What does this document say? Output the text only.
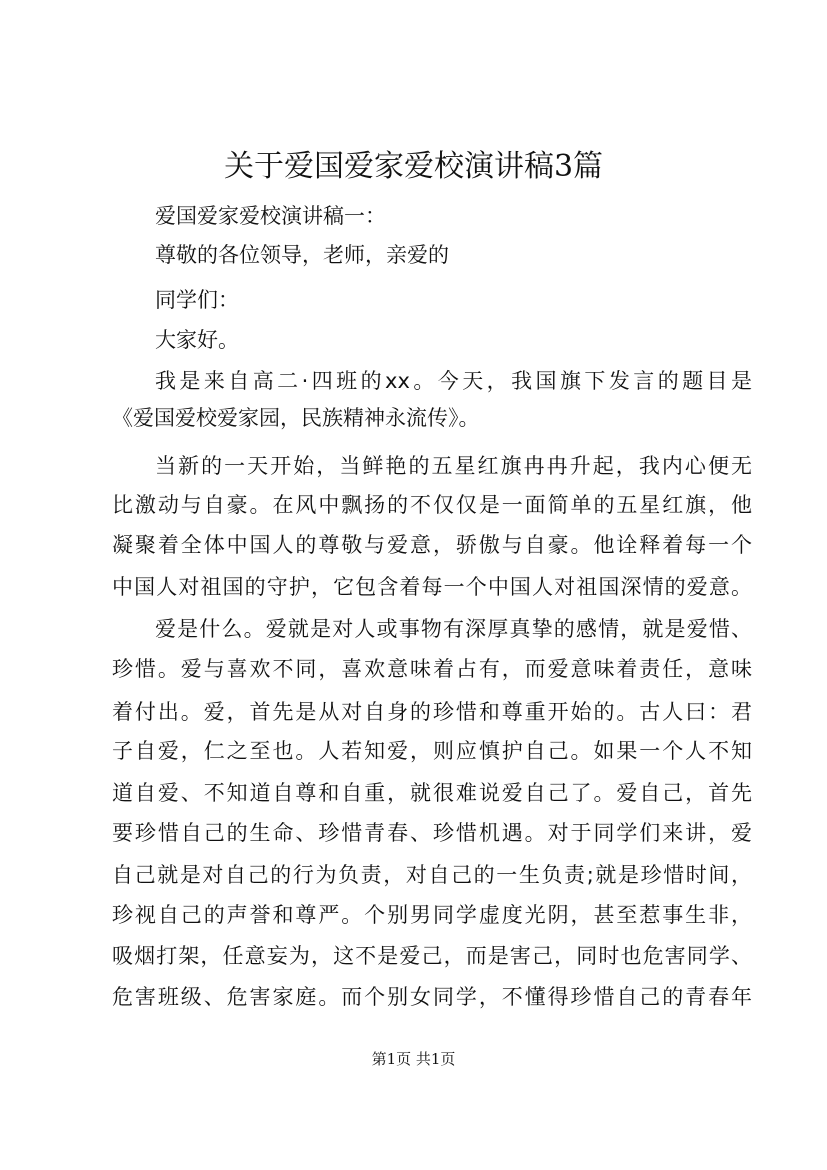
关于爱国爱家爱校演讲稿3篇
爱国爱家爱校演讲稿一：
尊敬的各位领导，老师，亲爱的
同学们：
大家好。
我是来自高二·四班的xx。今天，我国旗下发言的题目是
《爱国爱校爱家园，民族精神永流传》。
当新的一天开始，当鲜艳的五星红旗冉冉升起，我内心便无
比激动与自豪。在风中飘扬的不仅仅是一面简单的五星红旗，他
凝聚着全体中国人的尊敬与爱意，骄傲与自豪。他诠释着每一个
中国人对祖国的守护，它包含着每一个中国人对祖国深情的爱意。
爱是什么。爱就是对人或事物有深厚真挚的感情，就是爱惜、
珍惜。爱与喜欢不同，喜欢意味着占有，而爱意味着责任，意味
着付出。爱，首先是从对自身的珍惜和尊重开始的。古人曰：君
子自爱，仁之至也。人若知爱，则应慎护自己。如果一个人不知
道自爱、不知道自尊和自重，就很难说爱自己了。爱自己，首先
要珍惜自己的生命、珍惜青春、珍惜机遇。对于同学们来讲，爱
自己就是对自己的行为负责，对自己的一生负责;就是珍惜时间，
珍视自己的声誉和尊严。个别男同学虚度光阴，甚至惹事生非，
吸烟打架，任意妄为，这不是爱己，而是害己，同时也危害同学、
危害班级、危害家庭。而个别女同学，不懂得珍惜自己的青春年
第1页 共1页
